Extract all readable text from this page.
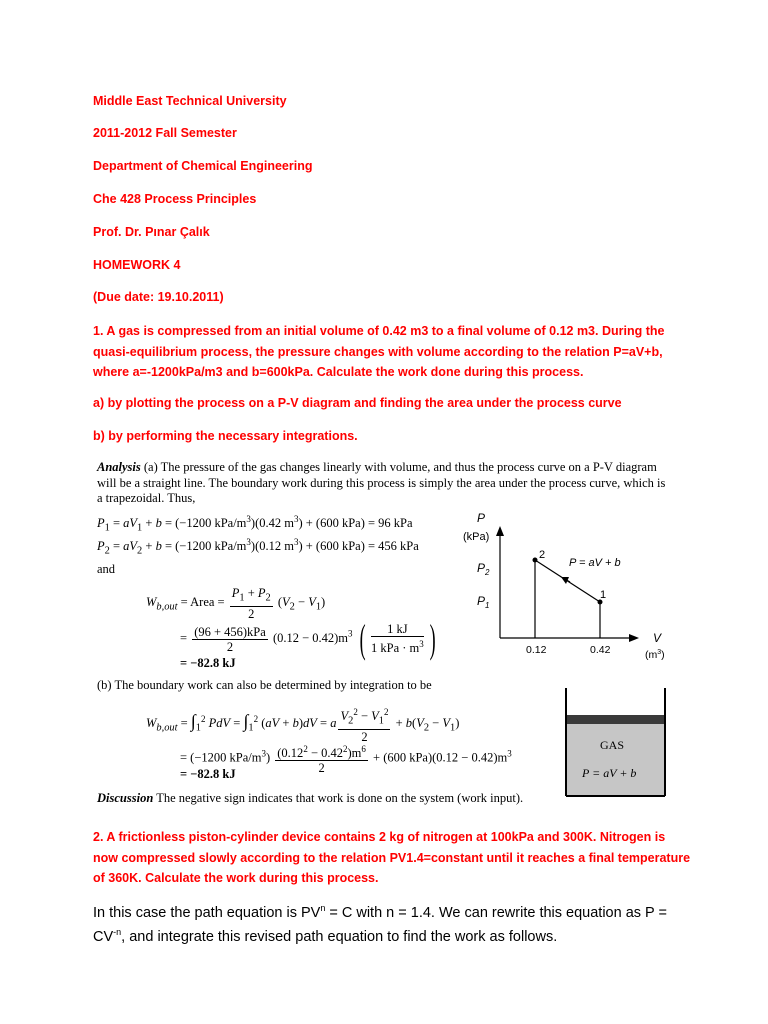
Middle East Technical University
2011-2012 Fall Semester
Department of Chemical Engineering
Che 428 Process Principles
Prof. Dr. Pınar Çalık
HOMEWORK 4
(Due date: 19.10.2011)
1. A gas is compressed from an initial volume of 0.42 m3 to a final volume of 0.12 m3. During the quasi-equilibrium process, the pressure changes with volume according to the relation P=aV+b, where a=-1200kPa/m3 and b=600kPa. Calculate the work done during this process.
a) by plotting the process on a P-V diagram and finding the area under the process curve
b) by performing the necessary integrations.
Analysis (a) The pressure of the gas changes linearly with volume, and thus the process curve on a P-V diagram will be a straight line. The boundary work during this process is simply the area under the process curve, which is a trapezoidal. Thus,
$P_1 = aV_1 + b = (-1200$ kPa/$m^3)(0.42$ $m^3) + (600$ kPa) = 96 kPa
$P_2 = aV_2 + b = (-1200$ kPa/$m^3)(0.12$ $m^3) + (600$ kPa) = 456 kPa
and
$W_{b,out}$ = Area = $\frac{P_1 + P_2}{2} (V_2 - V_1)$
= $\frac{\text{(96 + 456)kPa}}{2} (0.12 - 0.42)m^3$ ( $\frac{1 kJ}{1 kPa \cdot m^3}$ )
= −82.8 kJ
P
(kPa)
$P_2$
$P_1$
2
1
P = aV + b
0.12	0.42
V
$(m^3)$
(b) The boundary work can also be determined by integration to be
$W_{b,out} = \int_1^2$ PdV = $\int_1^2$ (aV + b)dV = a $\frac{V_2^2 - V_1^2}{2} + b(V_2 - V_1)$
= (−1200 kPa/$m^3) \frac{(0.12^2 - 0.42^2)m^6}{2} + (600$ $kPa)(0.12 - 0.42)m^3$
= −82.8 kJ
Discussion The negative sign indicates that work is done on the system (work input).
GAS
P = aV + b
2. A frictionless piston-cylinder device contains 2 kg of nitrogen at 100kPa and 300K. Nitrogen is now compressed slowly according to the relation PV1.4=constant until it reaches a final temperature of 360K. Calculate the work during this process.
In this case the path equation is $PV^n = C$ with n = 1.4. We can rewrite this equation as $P = CV^{-n}$, and integrate this revised path equation to find the work as follows.
